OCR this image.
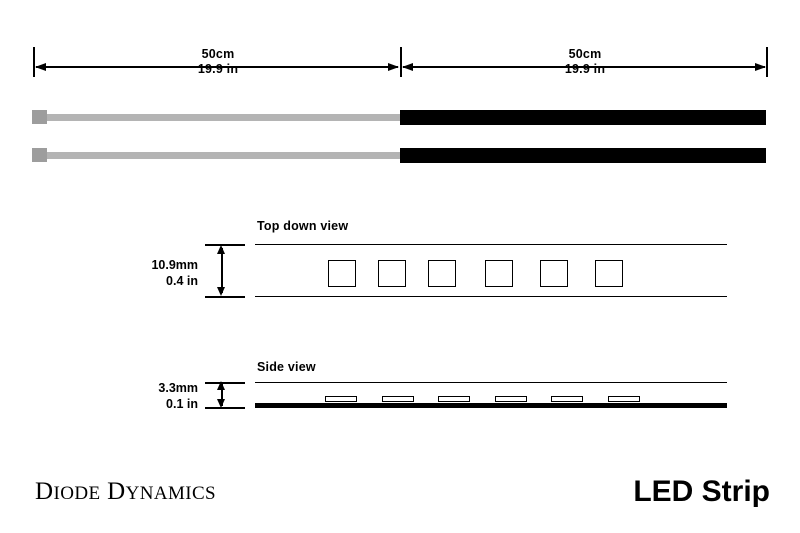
50cm
19.9 in
50cm
19.9 in
Top down view
10.9mm
0.4 in
Side view
3.3mm
0.1 in
DIODE DYNAMICS	LED Strip
